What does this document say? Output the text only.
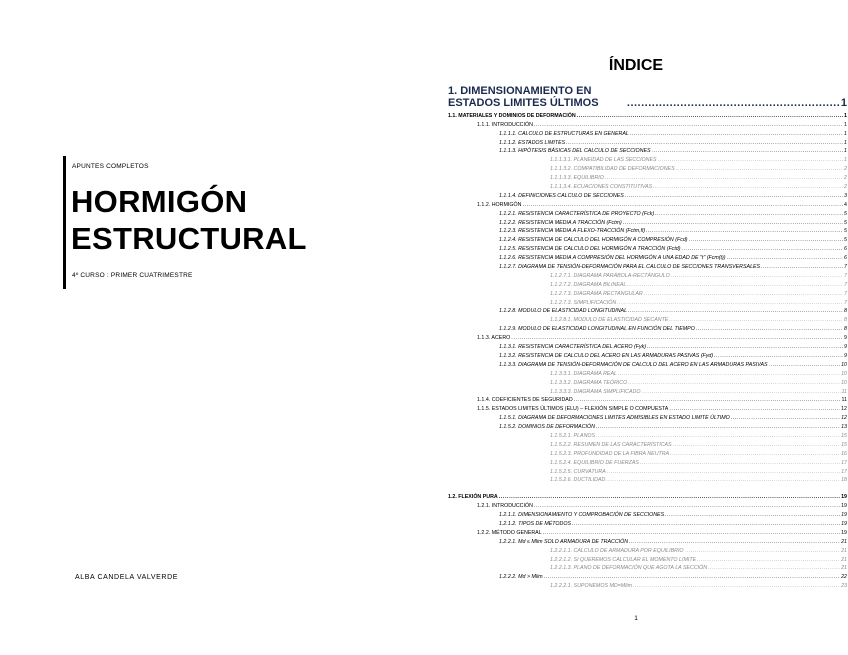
APUNTES COMPLETOS
HORMIGÓN
ESTRUCTURAL
4º CURSO : PRIMER CUATRIMESTRE
ALBA CANDELA VALVERDE
ÍNDICE
1. DIMENSIONAMIENTO EN ESTADOS LIMITES ÚLTIMOS .....	1
1.1. MATERIALES Y DOMINIOS DE DEFORMACIÓN .....	1
1.1.1. INTRODUCCIÓN .....	1
1.1.1.1. CALCULO DE ESTRUCTURAS EN GENERAL .....	1
1.1.1.2. ESTADOS LIMITES .....	1
1.1.1.3. HIPÓTESIS BÁSICAS DEL CALCULO DE SECCIONES .....	1
1.1.1.3.1. PLANEIDAD DE LAS SECCIONES .....	1
1.1.1.3.2. COMPATIBILIDAD DE DEFORMACIONES .....	2
1.1.1.3.3. EQUILIBRIO .....	2
1.1.1.3.4. ECUACIONES CONSTITUTIVAS .....	2
1.1.1.4. DEFINICIONES CALCULO DE SECCIONES .....	3
1.1.2. HORMIGÓN .....	4
1.1.2.1. RESISTENCIA CARACTERÍSTICA DE PROYECTO (Fck) .....	5
1.1.2.2. RESISTENCIA MEDIA A TRACCIÓN (Fctm) .....	5
1.1.2.3. RESISTENCIA MEDIA A FLEXO-TRACCIÓN (Fctm,fl) .....	5
1.1.2.4. RESISTENCIA DE CALCULO DEL HORMIGÓN A COMPRESIÓN (Fcd) .....	5
1.1.2.5. RESISTENCIA DE CALCULO DEL HORMIGÓN A TRACCIÓN (Fctd) .....	6
1.1.2.6. RESISTENCIA MEDIA A COMPRESIÓN DEL HORMIGÓN A UNA EDAD DE "t" (Fcm(t)) .....	6
1.1.2.7. DIAGRAMA DE TENSIÓN-DEFORMACIÓN PARA EL CALCULO DE SECCIONES TRANSVERSALES .....	7
1.1.2.7.1. DIAGRAMA PARÁBOLA-RECTÁNGULO .....	7
1.1.2.7.2. DIAGRAMA BILINEAL .....	7
1.1.2.7.3. DIAGRAMA RECTANGULAR .....	7
1.1.2.7.3. SIMPLIFICACIÓN .....	7
1.1.2.8. MODULO DE ELASTICIDAD LONGITUDINAL .....	8
1.1.2.8.1. MODULO DE ELASTICIDAD SECANTE .....	8
1.1.2.9. MODULO DE ELASTICIDAD LONGITUDINAL EN FUNCIÓN DEL TIEMPO .....	8
1.1.3. ACERO .....	9
1.1.3.1. RESISTENCIA CARACTERÍSTICA DEL ACERO (Fyk) .....	9
1.1.3.2. RESISTENCIA DE CALCULO DEL ACERO EN LAS ARMADURAS PASIVAS (Fyd) .....	9
1.1.3.3. DIAGRAMA DE TENSIÓN-DEFORMACIÓN DE CALCULO DEL ACERO EN LAS ARMADURAS PASIVAS .....	10
1.1.3.3.1. DIAGRAMA REAL .....	10
1.1.3.3.2. DIAGRAMA TEÓRICO .....	10
1.1.3.3.3. DIAGRAMA SIMPLIFICADO .....	11
1.1.4. COEFICIENTES DE SEGURIDAD .....	11
1.1.5. ESTADOS LIMITES ÚLTIMOS (ELU) – FLEXIÓN SIMPLE O COMPUESTA .....	12
1.1.5.1. DIAGRAMA DE DEFORMACIONES LIMITES ADMISIBLES EN ESTADO LIMITE ÚLTIMO .....	12
1.1.5.2. DOMINIOS DE DEFORMACIÓN .....	13
1.1.5.2.1. PLANOS .....	15
1.1.5.2.2. RESUMEN DE LAS CARACTERÍSTICAS .....	15
1.1.5.2.3. PROFUNDIDAD DE LA FIBRA NEUTRA .....	16
1.1.5.2.4. EQUILIBRIO DE FUERZAS .....	17
1.1.5.2.5. CURVATURA .....	17
1.1.5.2.6. DUCTILIDAD .....	18
1.2. FLEXIÓN PURA .....	19
1.2.1. INTRODUCCIÓN .....	19
1.2.1.1. DIMENSIONAMIENTO Y COMPROBACIÓN DE SECCIONES .....	19
1.2.1.2. TIPOS DE MÉTODOS .....	19
1.2.2. MÉTODO GENERAL .....	19
1.2.2.1. Md ≤ Mlim SOLO ARMADURA DE TRACCIÓN .....	21
1.2.2.1.1. CALCULO DE ARMADURA POR EQUILIBRIO .....	21
1.2.2.1.2. SI QUEREMOS CALCULAR EL MOMENTO LIMITE .....	21
1.2.2.1.3. PLANO DE DEFORMACIÓN QUE AGOTA LA SECCIÓN .....	21
1.2.2.2. Md > Mlim .....	22
1.2.2.2.1. SUPONEMOS MD=Mlim .....	23
1
